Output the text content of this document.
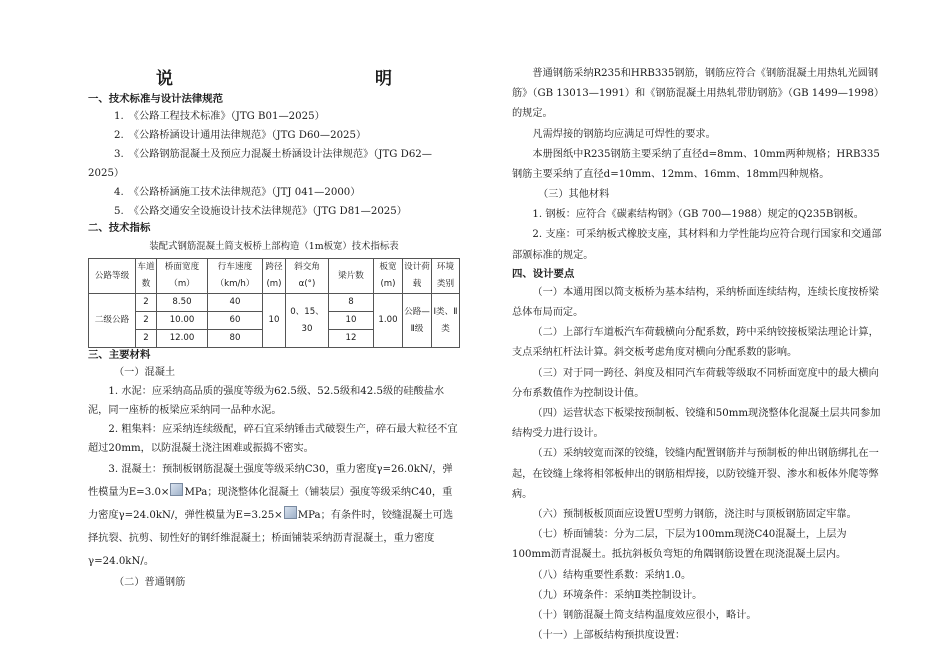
说　　明
一、技术标准与设计法律规范
1.　《公路工程技术标准》（JTG B01—2025）
2.　《公路桥涵设计通用法律规范》（JTG D60—2025）
3.　《公路钢筋混凝土及预应力混凝土桥涵设计法律规范》（JTG D62—2025）
4.　《公路桥涵施工技术法律规范》（JTJ 041—2000）
5.　《公路交通安全设施设计技术法律规范》（JTG D81—2025）
二、技术指标
装配式钢筋混凝土简支板桥上部构造（1m板宽）技术指标表
公路等级	车道数	桥面宽度（m）	行车速度（km/h）	跨径(m)	斜交角α(°)	梁片数	板宽(m)	设计荷载	环境类别
二级公路	2	8.50	40	10	0、15、30	8	1.00	公路—Ⅱ级	Ⅰ类、Ⅱ类
	2	10.00	60			10			
	2	12.00	80			12			
三、主要材料
（一）混凝土

1. 水泥：应采纳高品质的强度等级为62.5级、52.5级和42.5级的硅酸盐水泥，同一座桥的板梁应采纳同一品种水泥。

2. 粗集料：应采纳连续级配，碎石宜采纳锤击式破裂生产，碎石最大粒径不宜超过20mm，以防混凝土浇注困难或振捣不密实。

3. 混凝土：预制板钢筋混凝土强度等级采纳C30，重力密度γ=26.0kN/，弹性模量为E=3.0× MPa；现浇整体化混凝土（铺装层）强度等级采纳C40，重力密度γ=24.0kN/，弹性模量为E=3.25× MPa；有条件时，铰缝混凝土可选择抗裂、抗剪、韧性好的钢纤维混凝土；桥面铺装采纳沥青混凝土，重力密度γ=24.0kN/。

（二）普通钢筋

普通钢筋采纳R235和HRB335钢筋，钢筋应符合《钢筋混凝土用热轧光圆钢筋》（GB 13013—1991）和《钢筋混凝土用热轧带肋钢筋》（GB 1499—1998）的规定。

凡需焊接的钢筋均应满足可焊性的要求。

本册图纸中R235钢筋主要采纳了直径d=8mm、10mm两种规格；HRB335钢筋主要采纳了直径d=10mm、12mm、16mm、18mm四种规格。

（三）其他材料

1. 钢板：应符合《碳素结构钢》（GB 700—1988）规定的Q235B钢板。

2. 支座：可采纳板式橡胶支座，其材料和力学性能均应符合现行国家和交通部部颁标准的规定。

四、设计要点

（一）本通用图以简支板桥为基本结构，采纳桥面连续结构，连续长度按桥梁总体布局而定。

（二）上部行车道板汽车荷载横向分配系数，跨中采纳铰接板梁法理论计算，支点采纳杠杆法计算。斜交板考虑角度对横向分配系数的影响。

（三）对于同一跨径、斜度及相同汽车荷载等级取不同桥面宽度中的最大横向分布系数值作为控制设计值。

（四）运营状态下板梁按预制板、铰缝和50mm现浇整体化混凝土层共同参加结构受力进行设计。

（五）采纳较宽而深的铰缝，铰缝内配置钢筋并与预制板的伸出钢筋绑扎在一起，在铰缝上缘将相邻板伸出的钢筋相焊接，以防铰缝开裂、渗水和板体外爬等弊病。

（六）预制板板顶面应设置U型剪力钢筋，浇注时与顶板钢筋固定牢靠。

（七）桥面铺装：分为二层，下层为100mm现浇C40混凝土，上层为100mm沥青混凝土。抵抗斜板负弯矩的角隅钢筋设置在现浇混凝土层内。

（八）结构重要性系数：采纳1.0。

（九）环境条件：采纳Ⅱ类控制设计。

（十）钢筋混凝土简支结构温度效应很小，略计。

（十一）上部板结构预拱度设置：
